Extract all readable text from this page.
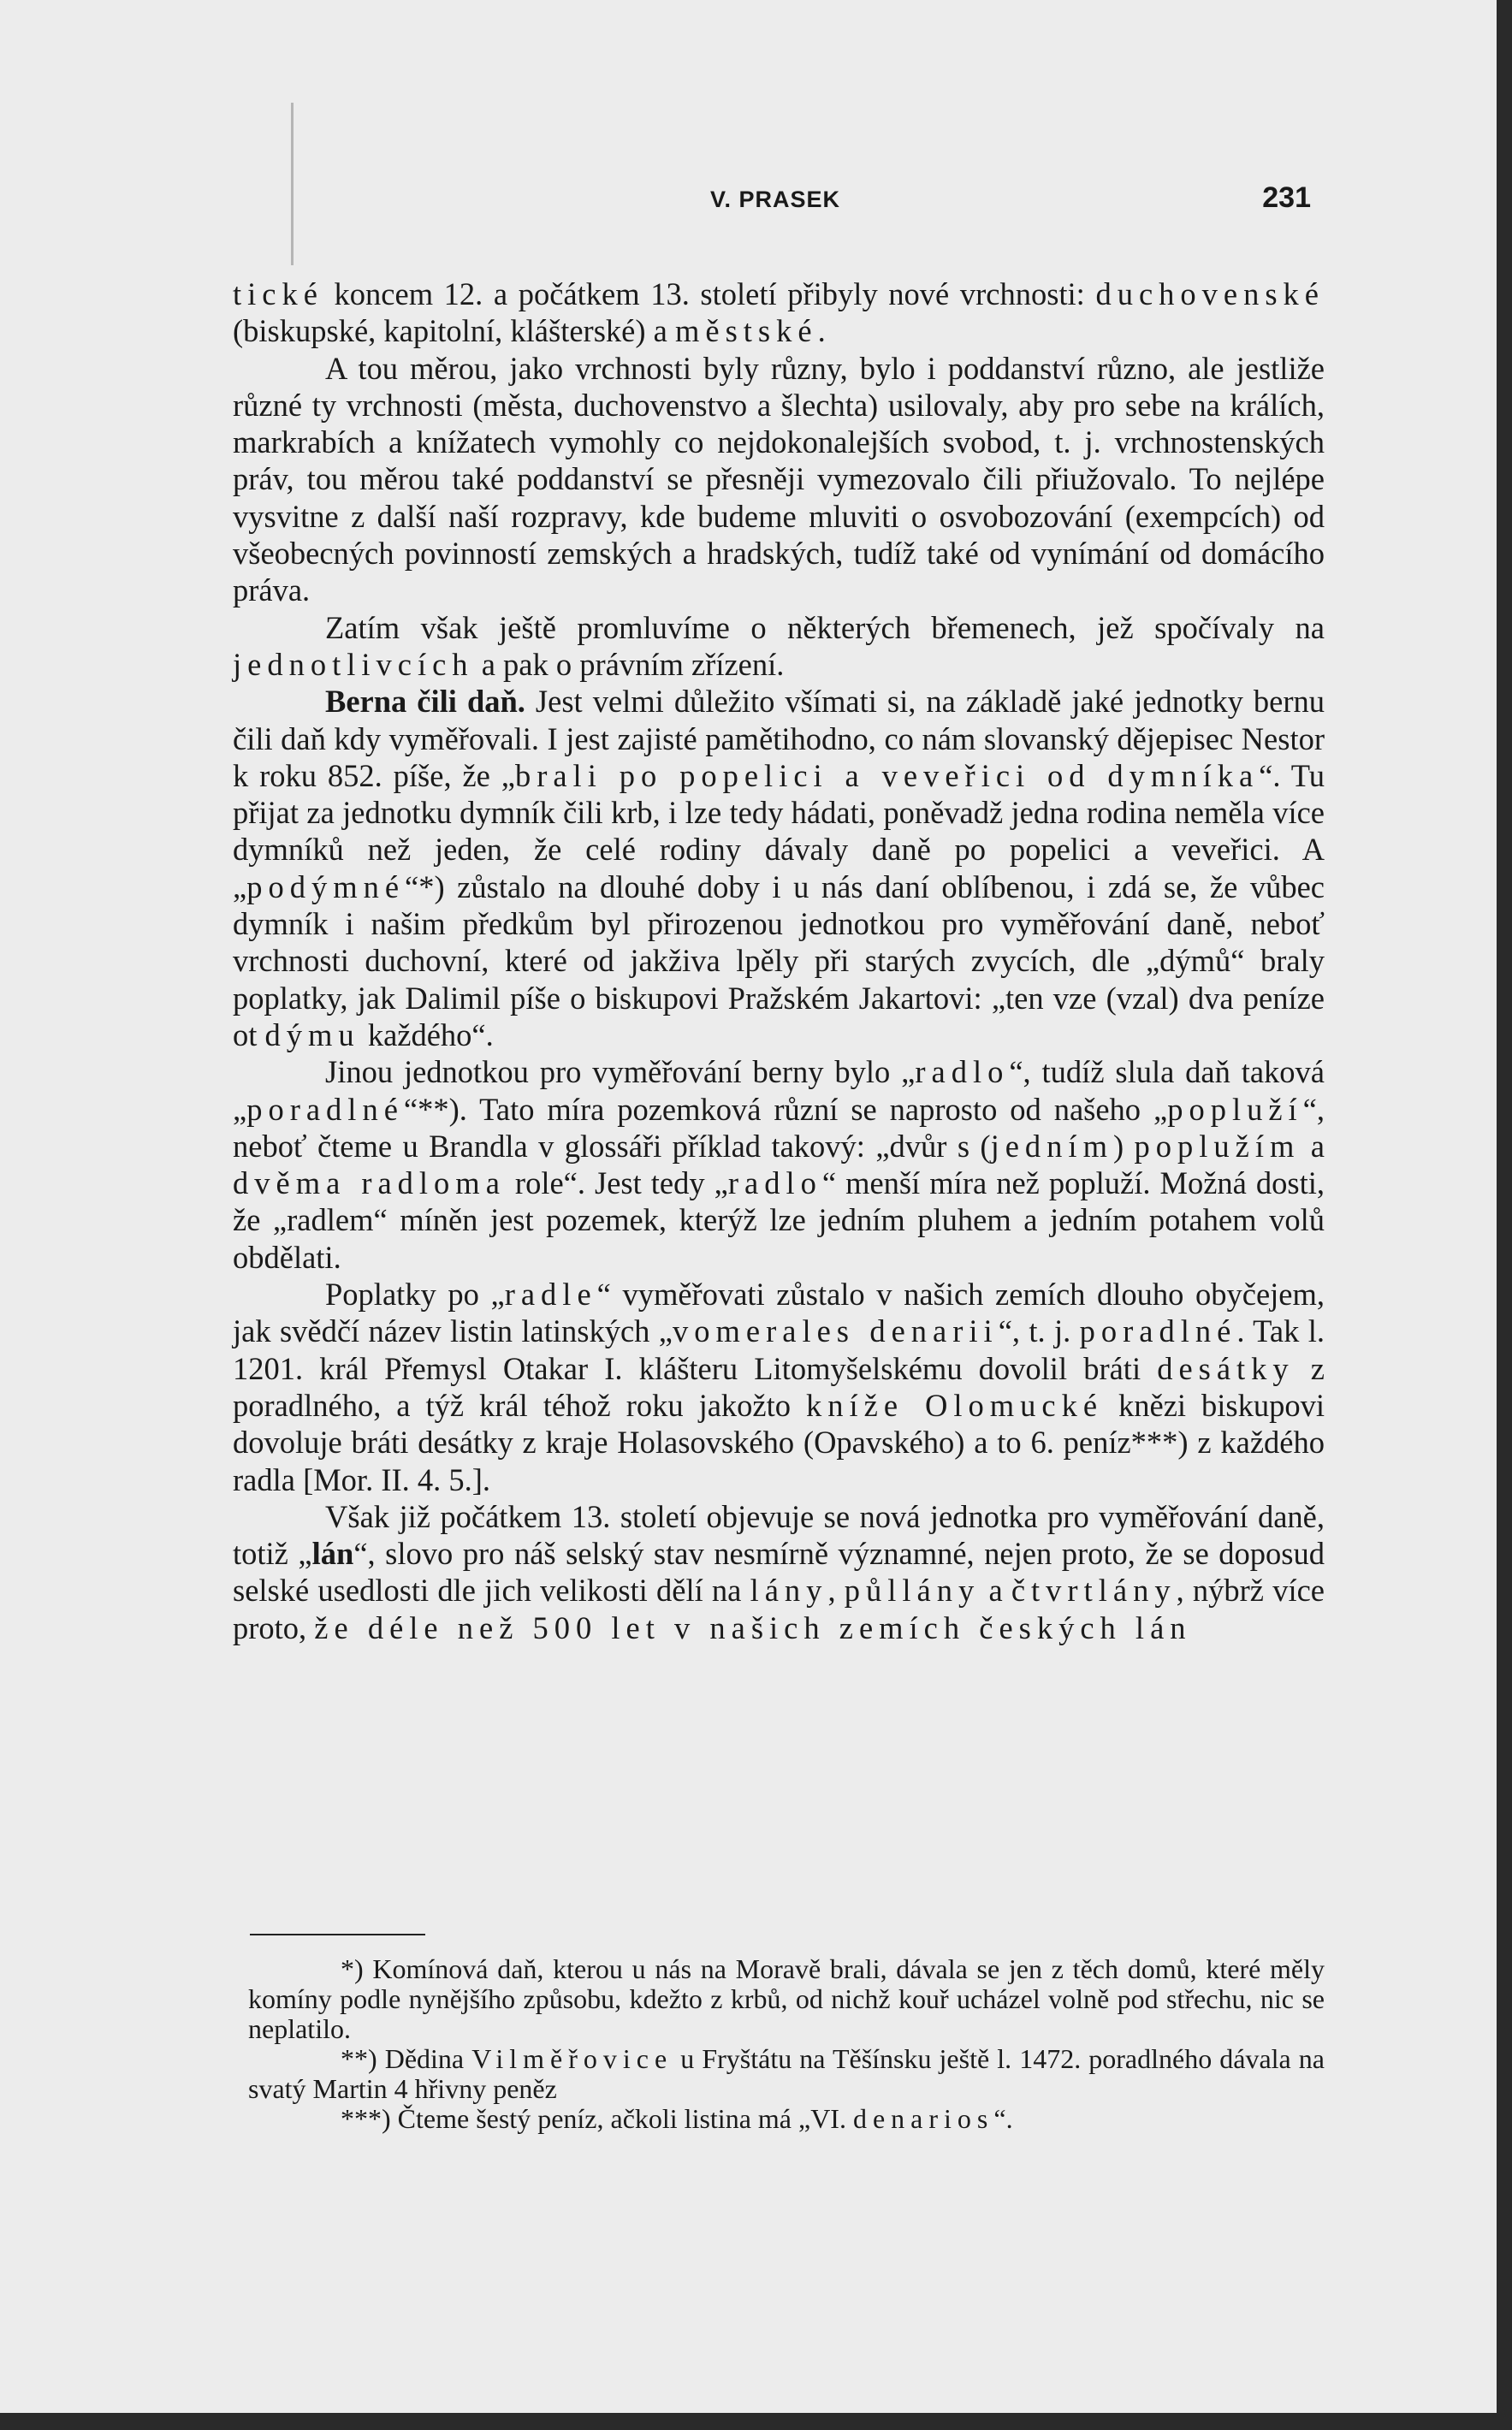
V. PRASEK	231

tické koncem 12. a počátkem 13. století přibyly nové vrchnosti: duchovenské (biskupské, kapitolní, klášterské) a městské.

A tou měrou, jako vrchnosti byly různy, bylo i poddanství různo, ale jestliže různé ty vrchnosti (města, duchovenstvo a šlechta) usilovaly, aby pro sebe na králích, markrabích a knížatech vymohly co nejdokonalejších svobod, t. j. vrchnostenských práv, tou měrou také poddanství se přesněji vymezovalo čili přiužovalo. To nejlépe vysvitne z další naší rozpravy, kde budeme mluviti o osvobozování (exempcích) od všeobecných povinností zemských a hradských, tudíž také od vynímání od domácího práva.

Zatím však ještě promluvíme o některých břemenech, jež spočívaly na jednotlivcích a pak o právním zřízení.

Berna čili daň. Jest velmi důležito všímati si, na základě jaké jednotky bernu čili daň kdy vyměřovali. I jest zajisté pamětihodno, co nám slovanský dějepisec Nestor k roku 852. píše, že „brali po popelici a veveřici od dymníka“. Tu přijat za jednotku dymník čili krb, i lze tedy hádati, poněvadž jedna rodina neměla více dymníků než jeden, že celé rodiny dávaly daně po popelici a veveřici. A „podýmné“*) zůstalo na dlouhé doby i u nás daní oblíbenou, i zdá se, že vůbec dymník i našim předkům byl přirozenou jednotkou pro vyměřování daně, neboť vrchnosti duchovní, které od jakživa lpěly při starých zvycích, dle „dýmů“ braly poplatky, jak Dalimil píše o biskupovi Pražském Jakartovi: „ten vze (vzal) dva peníze ot dýmu každého“.

Jinou jednotkou pro vyměřování berny bylo „radlo“, tudíž slula daň taková „poradlné“**). Tato míra pozemková různí se naprosto od našeho „popluží“, neboť čteme u Brandla v glossáři příklad takový: „dvůr s (jedním) poplužím a dvěma radloma role“. Jest tedy „radlo“ menší míra než popluží. Možná dosti, že „radlem“ míněn jest pozemek, kterýž lze jedním pluhem a jedním potahem volů obdělati.

Poplatky po „radle“ vyměřovati zůstalo v našich zemích dlouho obyčejem, jak svědčí název listin latinských „vomerales denarii“, t. j. poradlné. Tak l. 1201. král Přemysl Otakar I. klášteru Litomyšelskému dovolil bráti desátky z poradlného, a týž král téhož roku jakožto kníže Olomucké knězi biskupovi dovoluje bráti desátky z kraje Holasovského (Opavského) a to 6. peníz***) z každého radla [Mor. II. 4. 5.].

Však již počátkem 13. století objevuje se nová jednotka pro vyměřování daně, totiž „lán“, slovo pro náš selský stav nesmírně významné, nejen proto, že se doposud selské usedlosti dle jich velikosti dělí na lány, půllány a čtvrtlány, nýbrž více proto, že déle než 500 let v našich zemích českých lán

*) Komínová daň, kterou u nás na Moravě brali, dávala se jen z těch domů, které měly komíny podle nynějšího způsobu, kdežto z krbů, od nichž kouř ucházel volně pod střechu, nic se neplatilo.

**) Dědina Vilměřovice u Fryštátu na Těšínsku ještě l. 1472. poradlného dávala na svatý Martin 4 hřivny peněz

***) Čteme šestý peníz, ačkoli listina má „VI. denarios“.
